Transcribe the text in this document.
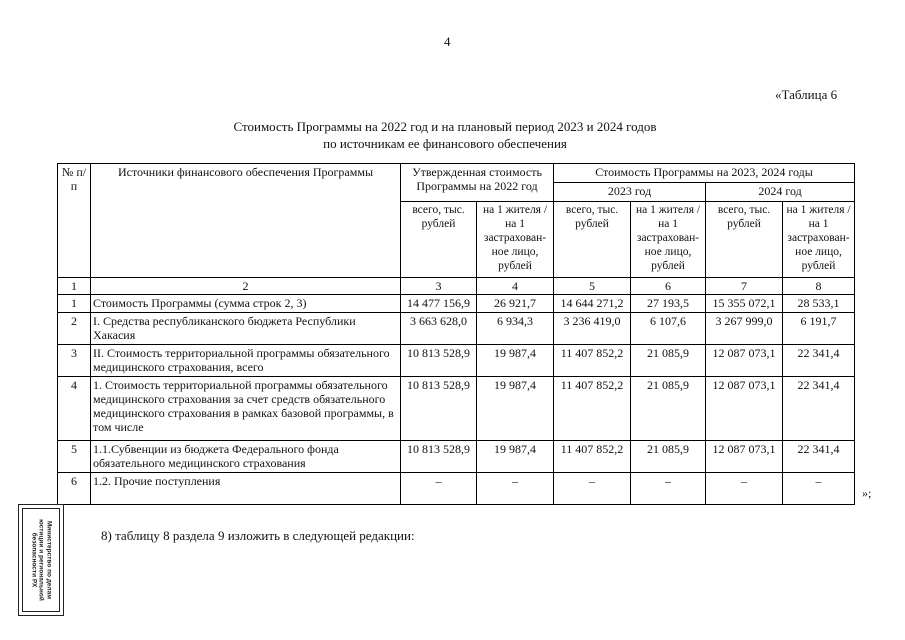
4
«Таблица 6
Стоимость Программы на 2022 год и на плановый период 2023 и 2024 годов
по источникам ее финансового обеспечения
№ п/п	Источники финансового обеспечения Программы	Утвержденная стоимость Программы на 2022 год		Стоимость Программы на 2023, 2024 годы			
				2023 год		2024 год	
		всего, тыс. рублей	на 1 жителя / на 1 застрахован-ное лицо, рублей	всего, тыс. рублей	на 1 жителя / на 1 застрахован-ное лицо, рублей	всего, тыс. рублей	на 1 жителя / на 1 застрахован-ное лицо, рублей
1	2	3	4	5	6	7	8
1	Стоимость Программы (сумма строк 2, 3)	14 477 156,9	26 921,7	14 644 271,2	27 193,5	15 355 072,1	28 533,1
2	I. Средства республиканского бюджета Республики Хакасия	3 663 628,0	6 934,3	3 236 419,0	6 107,6	3 267 999,0	6 191,7
3	II. Стоимость территориальной программы обязательного медицинского страхования, всего	10 813 528,9	19 987,4	11 407 852,2	21 085,9	12 087 073,1	22 341,4
4	1. Стоимость территориальной программы обязательного медицинского страхования за счет средств обязательного медицинского страхования в рамках базовой программы, в том числе	10 813 528,9	19 987,4	11 407 852,2	21 085,9	12 087 073,1	22 341,4
5	1.1.Субвенции из бюджета Федерального фонда обязательного медицинского страхования	10 813 528,9	19 987,4	11 407 852,2	21 085,9	12 087 073,1	22 341,4
6	1.2. Прочие поступления	–	–	–	–	–	–
»;
8) таблицу 8 раздела 9 изложить в следующей редакции:
Министерство по делам
юстиции и региональной
безопасности РХ
